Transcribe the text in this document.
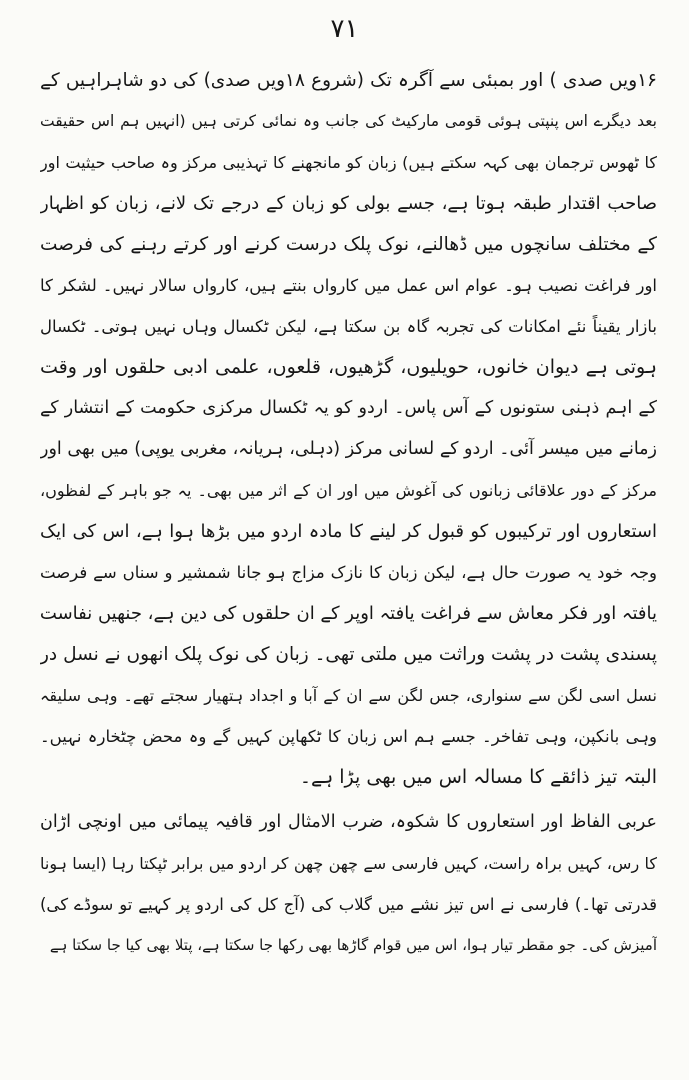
۷۱
۱۶ویں صدی ) اور بمبئی سے آگرہ تک (شروع ۱۸ویں صدی) کی دو شاہراہیں کے
بعد دیگرے اس پنپتی ہوئی قومی مارکیٹ کی جانب وہ نمائی کرتی ہیں (انہیں ہم اس حقیقت
کا ٹھوس ترجمان بھی کہہ سکتے ہیں) زبان کو مانجھنے کا تہذیبی مرکز وہ صاحب حیثیت اور
صاحب اقتدار طبقہ ہوتا ہے، جسے بولی کو زبان کے درجے تک لانے، زبان کو اظہار
کے مختلف سانچوں میں ڈھالنے، نوک پلک درست کرنے اور کرتے رہنے کی فرصت
اور فراغت نصیب ہو۔ عوام اس عمل میں کارواں بنتے ہیں، کارواں سالار نہیں۔ لشکر کا
بازار یقیناً نئے امکانات کی تجربہ گاہ بن سکتا ہے، لیکن ٹکسال وہاں نہیں ہوتی۔ ٹکسال
ہوتی ہے دیوان خانوں، حویلیوں، گڑھیوں، قلعوں، علمی ادبی حلقوں اور وقت
کے اہم ذہنی ستونوں کے آس پاس۔ اردو کو یہ ٹکسال مرکزی حکومت کے انتشار کے
زمانے میں میسر آئی۔ اردو کے لسانی مرکز (دہلی، ہریانہ، مغربی یوپی) میں بھی اور
مرکز کے دور علاقائی زبانوں کی آغوش میں اور ان کے اثر میں بھی۔ یہ جو باہر کے لفظوں،
استعاروں اور ترکیبوں کو قبول کر لینے کا مادہ اردو میں بڑھا ہوا ہے، اس کی ایک
وجہ خود یہ صورت حال ہے، لیکن زبان کا نازک مزاج ہو جانا شمشیر و سناں سے فرصت
یافتہ اور فکر معاش سے فراغت یافتہ اوپر کے ان حلقوں کی دین ہے، جنھیں نفاست
پسندی پشت در پشت وراثت میں ملتی تھی۔ زبان کی نوک پلک انھوں نے نسل در
نسل اسی لگن سے سنواری، جس لگن سے ان کے آبا و اجداد ہتھیار سجتے تھے۔ وہی سلیقہ
وہی بانکپن، وہی تفاخر۔ جسے ہم اس زبان کا ٹکھاپن کہیں گے وہ محض چٹخارہ نہیں۔
البتہ تیز ذائقے کا مسالہ اس میں بھی پڑا ہے۔
عربی الفاظ اور استعاروں کا شکوہ، ضرب الامثال اور قافیہ پیمائی میں اونچی اڑان
کا رس، کہیں براہ راست، کہیں فارسی سے چھن چھن کر اردو میں برابر ٹپکتا رہا (ایسا ہونا
قدرتی تھا۔) فارسی نے اس تیز نشے میں گلاب کی (آج کل کی اردو پر کہیے تو سوڈے کی)
آمیزش کی۔ جو مقطر تیار ہوا، اس میں قوام گاڑھا بھی رکھا جا سکتا ہے، پتلا بھی کیا جا سکتا ہے
